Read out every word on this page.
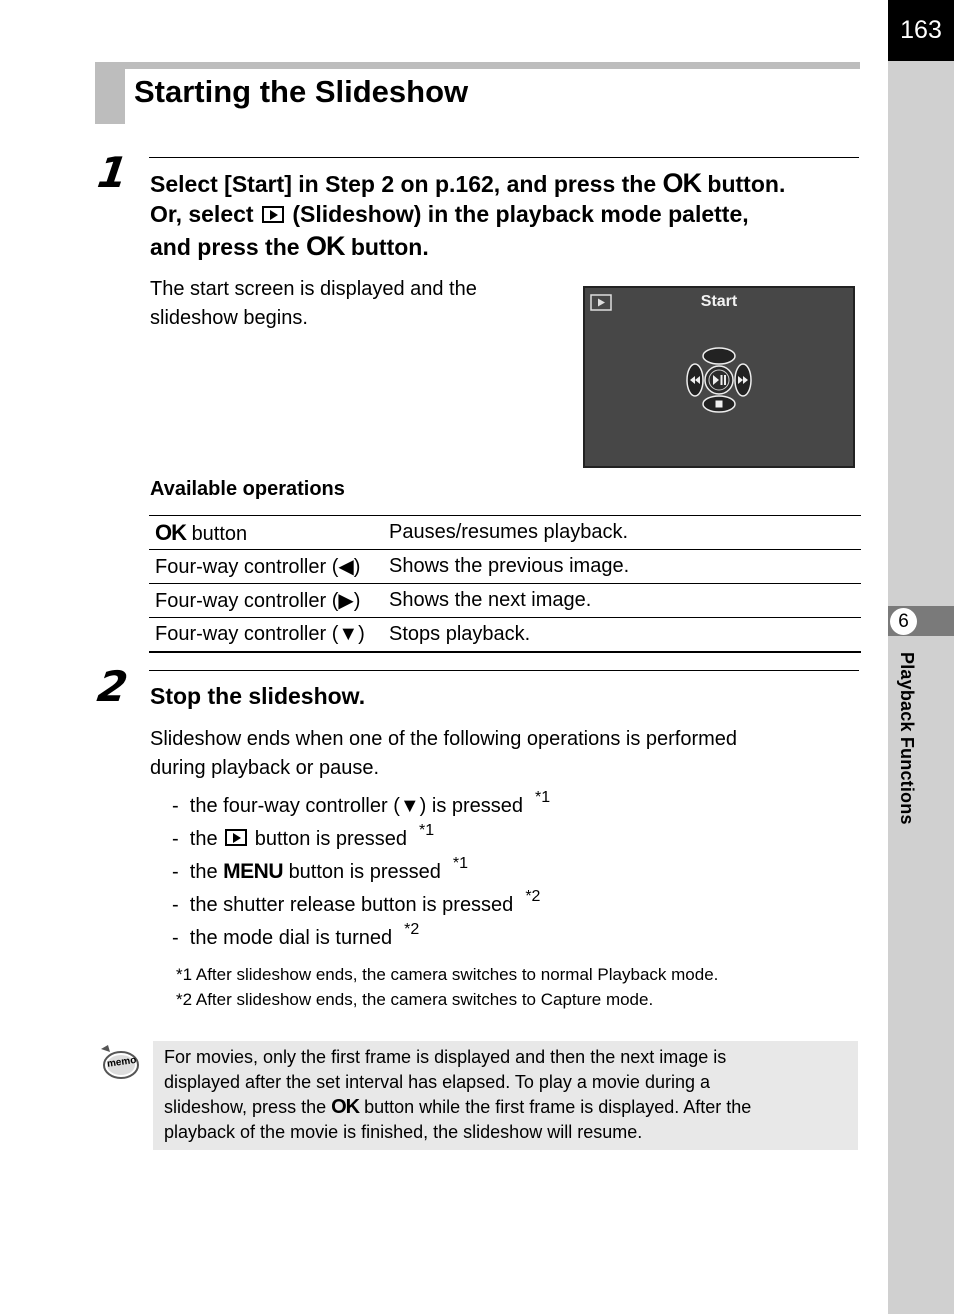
163
6
Playback Functions
Starting the Slideshow
1 Select [Start] in Step 2 on p.162, and press the OK button.
Or, select (Slideshow) in the playback mode palette,
and press the OK button.
The start screen is displayed and the
slideshow begins.
Start
Available operations
OK button	Pauses/resumes playback.
Four-way controller (◀)	Shows the previous image.
Four-way controller (▶)	Shows the next image.
Four-way controller (▼)	Stops playback.
2 Stop the slideshow.
Slideshow ends when one of the following operations is performed
during playback or pause.
-  the four-way controller (▼) is pressed $^{*1}$
-  the button is pressed $^{*1}$
-  the MENU button is pressed $^{*1}$
-  the shutter release button is pressed $^{*2}$
-  the mode dial is turned $^{*2}$
*1 After slideshow ends, the camera switches to normal Playback mode.
*2 After slideshow ends, the camera switches to Capture mode.
memo For movies, only the first frame is displayed and then the next image is
displayed after the set interval has elapsed. To play a movie during a
slideshow, press the OK button while the first frame is displayed. After the
playback of the movie is finished, the slideshow will resume.
